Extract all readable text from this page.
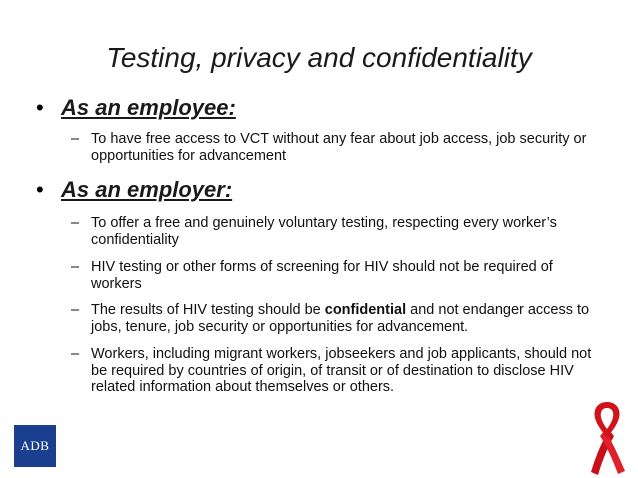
Testing, privacy and confidentiality
• As an employee:
– To have free access to VCT without any fear about job access, job security or opportunities for advancement
• As an employer:
– To offer a free and genuinely voluntary testing, respecting every worker’s confidentiality
– HIV testing or other forms of screening for HIV should not be required of workers
– The results of HIV testing should be confidential and not endanger access to jobs, tenure, job security or opportunities for advancement.
– Workers, including migrant workers, jobseekers and job applicants, should not be required by countries of origin, of transit or of destination to disclose HIV related information about themselves or others.
ADB
